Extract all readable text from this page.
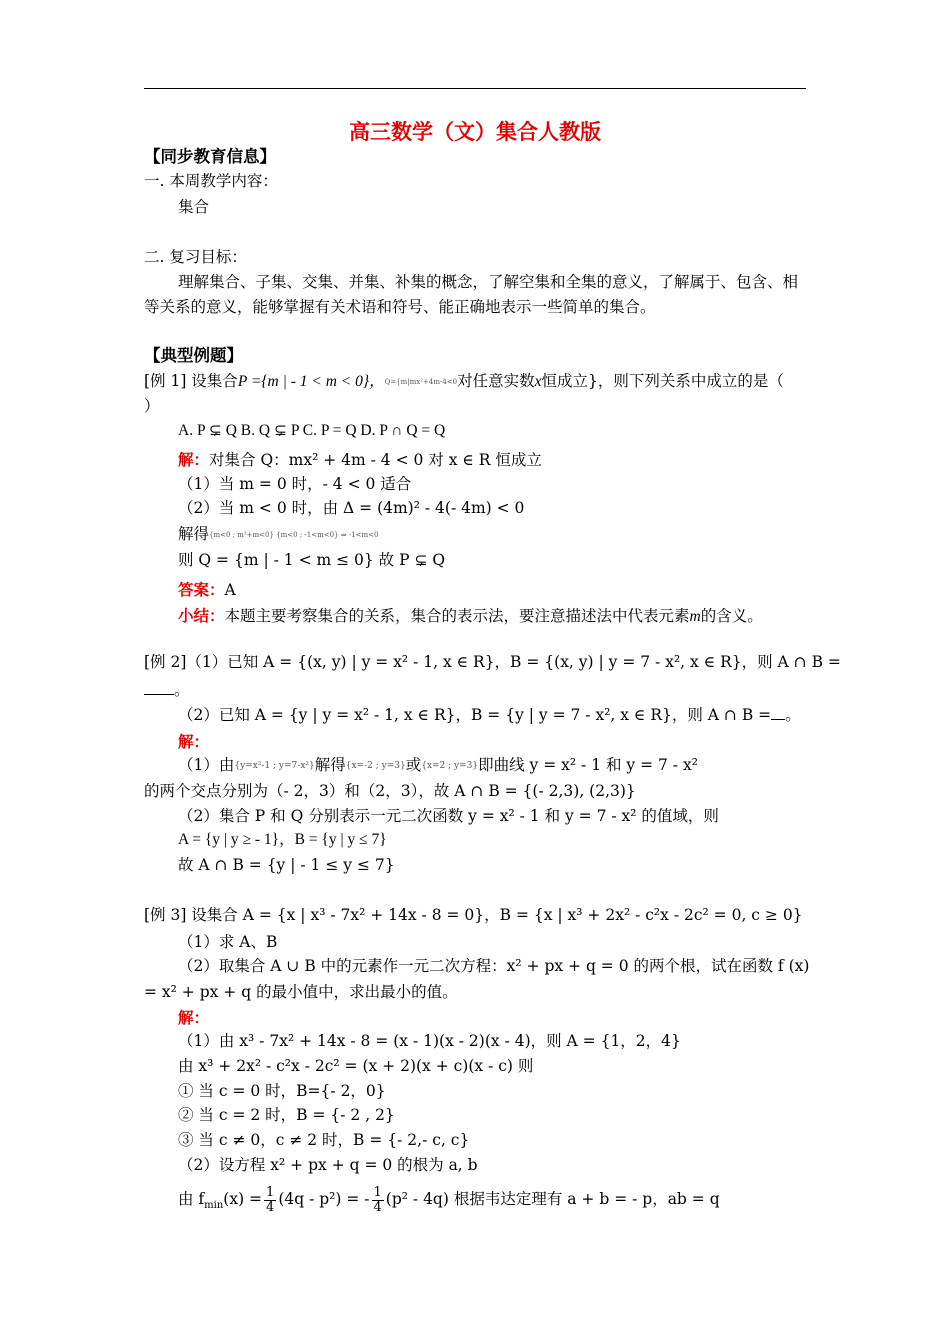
高三数学（文）集合人教版
【同步教育信息】
一. 本周教学内容：
集合
二. 复习目标：
理解集合、子集、交集、并集、补集的概念，了解空集和全集的意义，了解属于、包含、相
等关系的意义，能够掌握有关术语和符号、能正确地表示一些简单的集合。
【典型例题】
[例 1] 设集合P ={m | - 1 < m < 0}，Q={m|mx²+4m-4<0对任意实数x恒成立}，则下列关系中成立的是（
）
A. P ⊊ Q B. Q ⊊ P C. P = Q D. P ∩ Q = Q
解：对集合 Q：mx² + 4m - 4 < 0 对 x ∈ R 恒成立
（1）当 m = 0 时，- 4 < 0 适合
（2）当 m < 0 时，由 Δ = (4m)² - 4(- 4m) < 0
解得{m<0 ; m²+m<0} {m<0 ; -1<m<0} ⇒ -1<m<0
则 Q = {m | - 1 < m ≤ 0} 故 P ⊊ Q
答案：A
小结：本题主要考察集合的关系，集合的表示法，要注意描述法中代表元素m的含义。
[例 2]（1）已知 A = {(x, y) | y = x² - 1, x ∈ R}，B = {(x, y) | y = 7 - x², x ∈ R}，则 A ∩ B =
。
（2）已知 A = {y | y = x² - 1, x ∈ R}，B = {y | y = 7 - x², x ∈ R}，则 A ∩ B = 。
解：
（1）由{y=x²-1 ; y=7-x²}解得{x=-2 ; y=3}或{x=2 ; y=3}即曲线 y = x² - 1 和 y = 7 - x²
的两个交点分别为（- 2，3）和（2，3），故 A ∩ B = {(- 2,3), (2,3)}
（2）集合 P 和 Q 分别表示一元二次函数 y = x² - 1 和 y = 7 - x² 的值域，则
A = {y | y ≥ - 1}，B = {y | y ≤ 7}
故 A ∩ B = {y | - 1 ≤ y ≤ 7}
[例 3] 设集合 A = {x | x³ - 7x² + 14x - 8 = 0}，B = {x | x³ + 2x² - c²x - 2c² = 0, c ≥ 0}
（1）求 A、B
（2）取集合 A ∪ B 中的元素作一元二次方程：x² + px + q = 0 的两个根，试在函数 f (x)
= x² + px + q 的最小值中，求出最小的值。
解：
（1）由 x³ - 7x² + 14x - 8 = (x - 1)(x - 2)(x - 4)，则 A = {1，2，4}
由 x³ + 2x² - c²x - 2c² = (x + 2)(x + c)(x - c) 则
① 当 c = 0 时，B={- 2，0}
② 当 c = 2 时，B = {- 2 , 2}
③ 当 c ≠ 0，c ≠ 2 时，B = {- 2,- c, c}
（2）设方程 x² + px + q = 0 的根为 a, b
由 $f_{min}(x) = \frac{1}{4} (4q - p^2)$ = - $\frac{1}{4} (p^2 - 4q)$ 根据韦达定理有 a + b = - p，ab = q
